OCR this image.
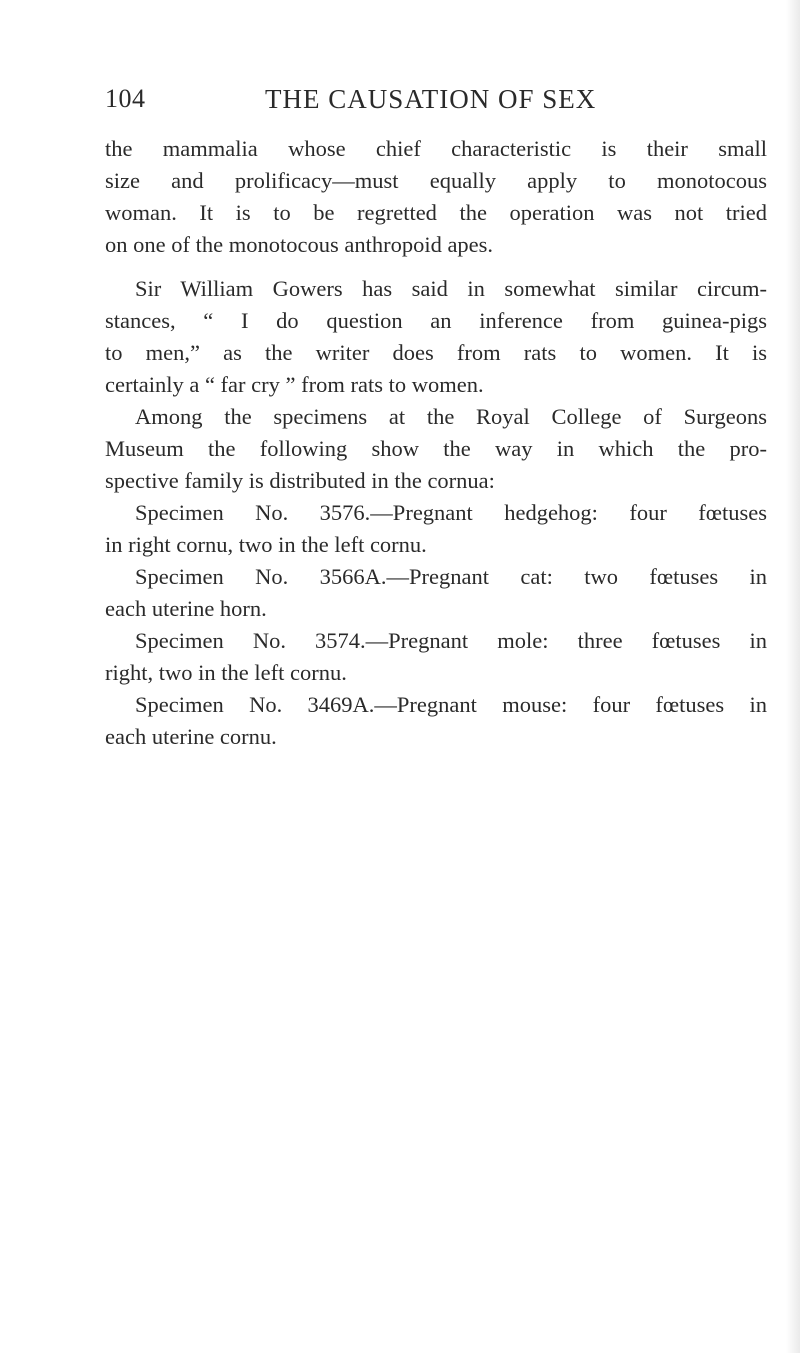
104	THE CAUSATION OF SEX
the mammalia whose chief characteristic is their small
size and prolificacy—must equally apply to monotocous
woman. It is to be regretted the operation was not tried
on one of the monotocous anthropoid apes.
Sir William Gowers has said in somewhat similar circum-
stances, “ I do question an inference from guinea-pigs
to men,” as the writer does from rats to women. It is
certainly a “ far cry ” from rats to women.
Among the specimens at the Royal College of Surgeons
Museum the following show the way in which the pro-
spective family is distributed in the cornua:
Specimen No. 3576.—Pregnant hedgehog: four fœtuses
in right cornu, two in the left cornu.
Specimen No. 3566A.—Pregnant cat: two fœtuses in
each uterine horn.
Specimen No. 3574.—Pregnant mole: three fœtuses in
right, two in the left cornu.
Specimen No. 3469A.—Pregnant mouse: four fœtuses in
each uterine cornu.
